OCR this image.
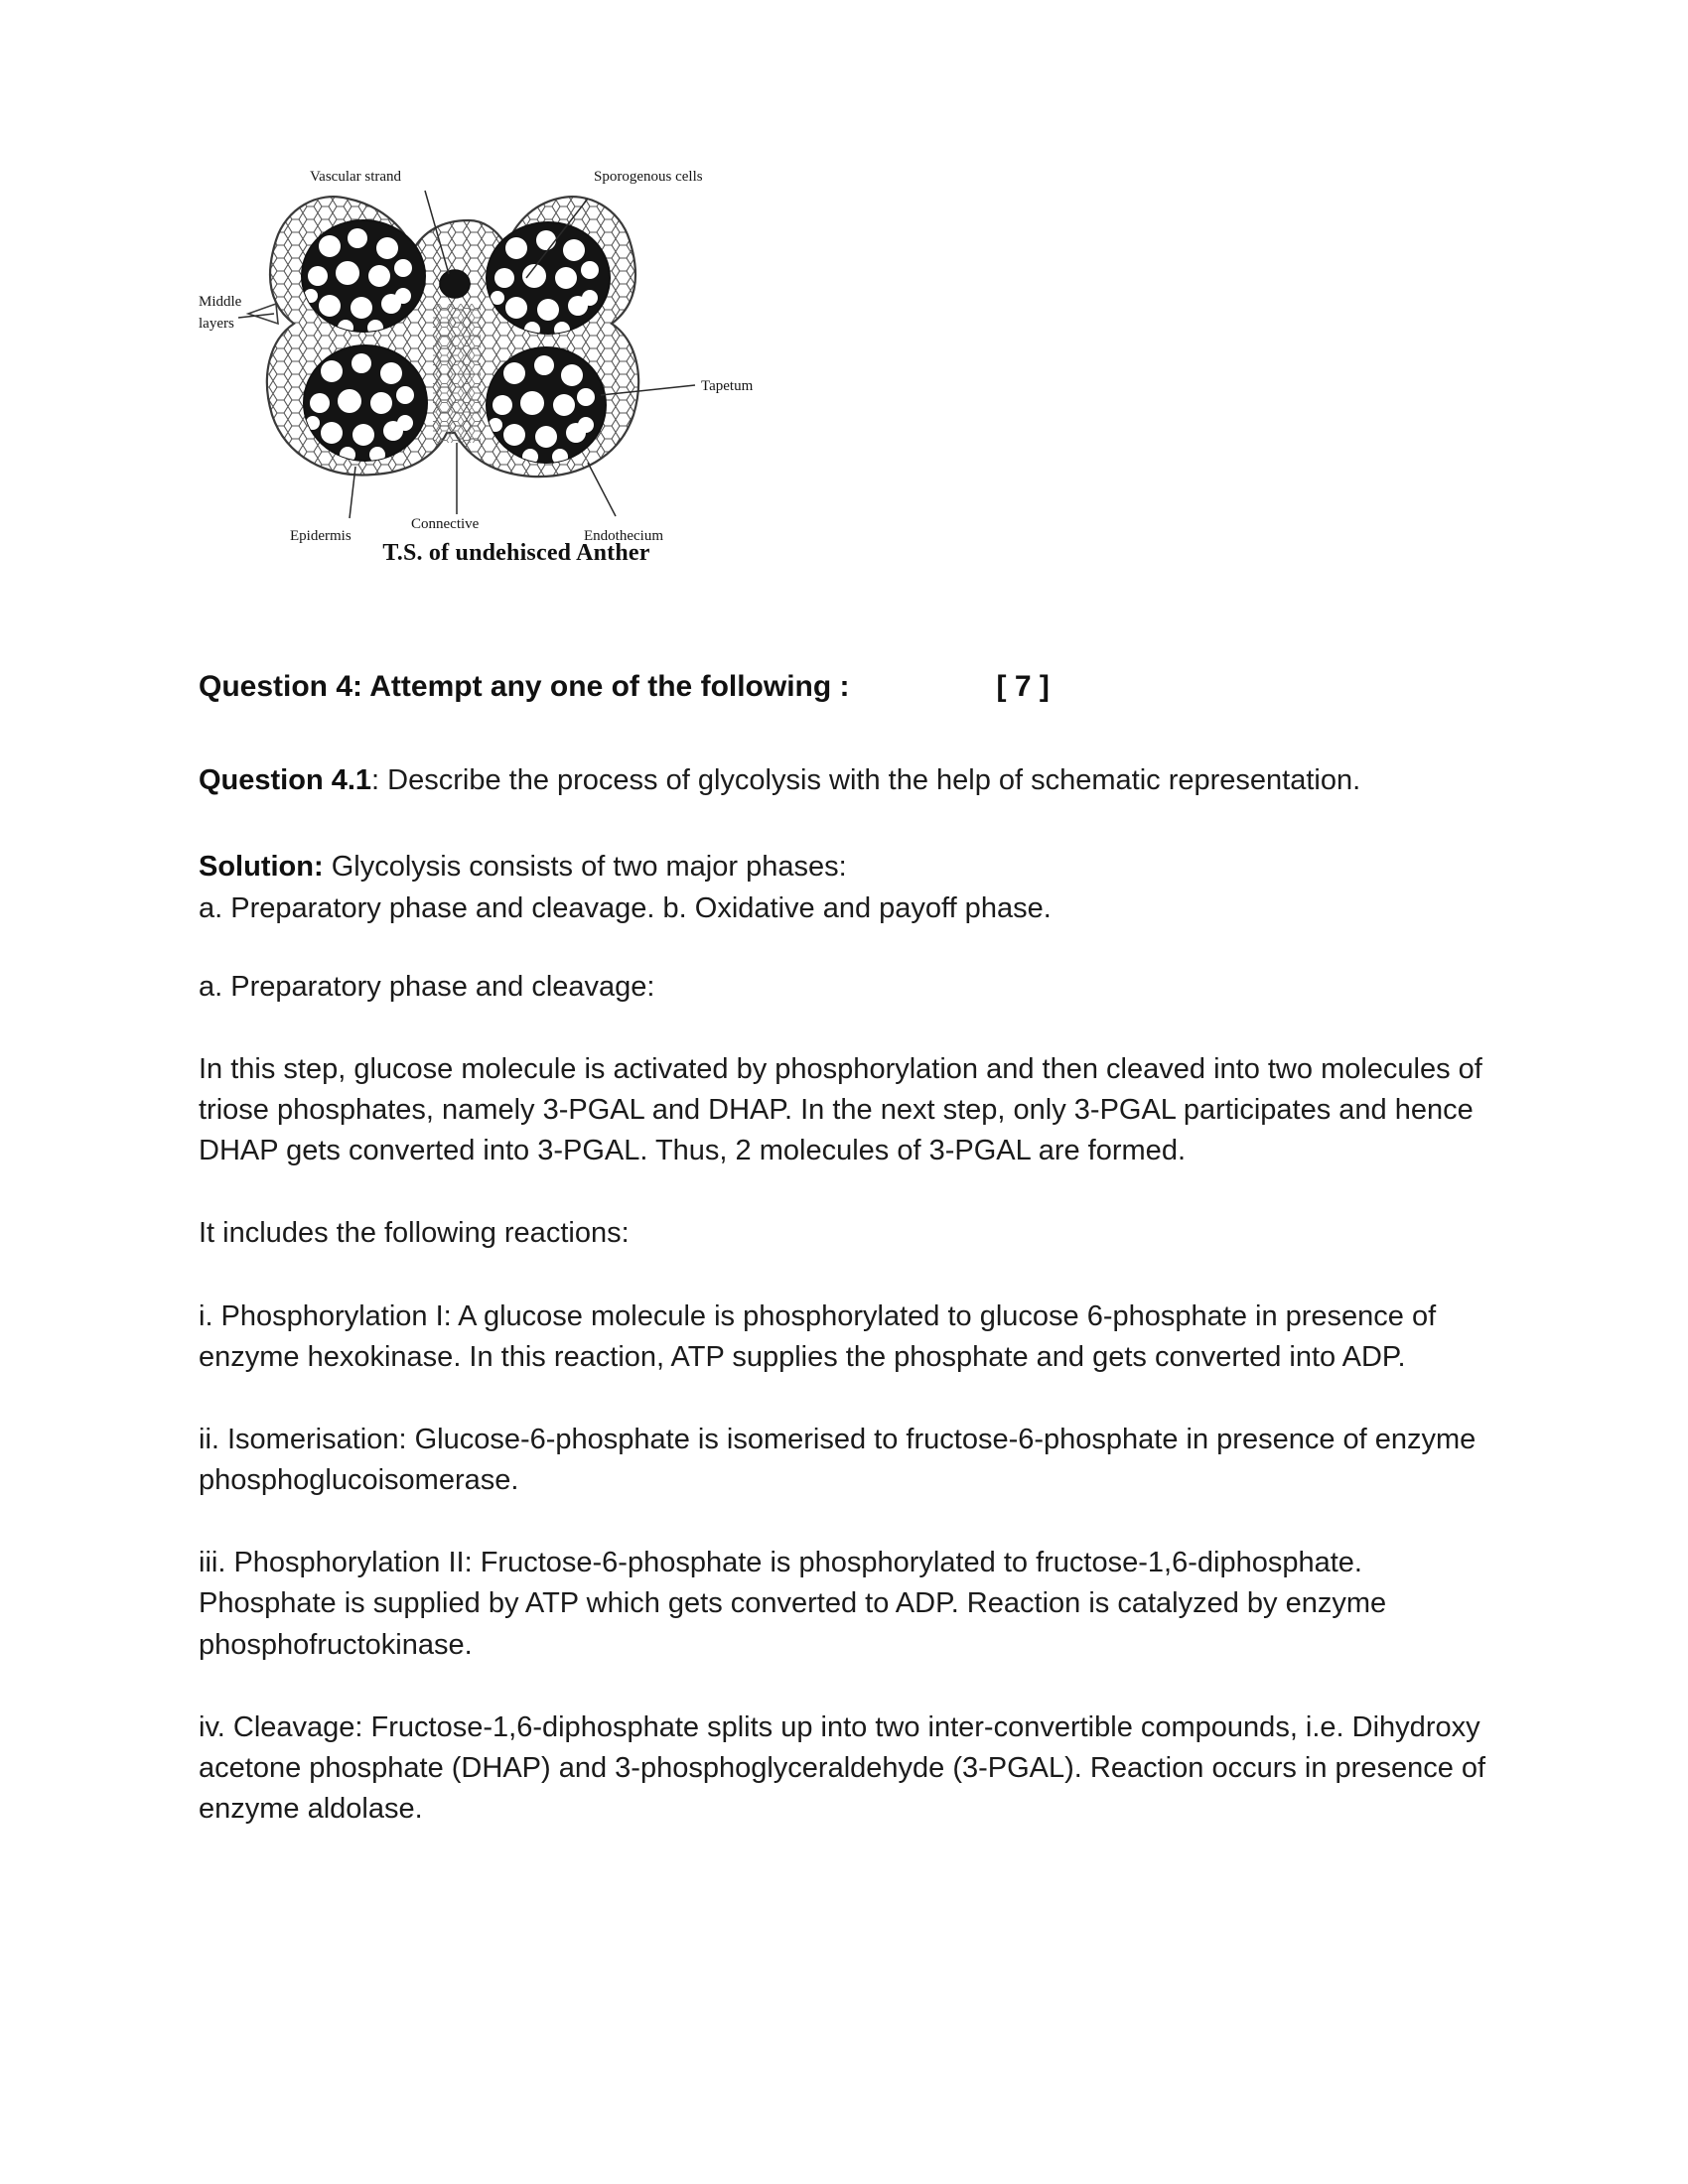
Vascular strand	Sporogenous cells
Middle
layers
Tapetum
Connective
Epidermis	Endothecium
T.S. of undehisced Anther
Question 4: Attempt any one of the following :	[ 7 ]

Question 4.1: Describe the process of glycolysis with the help of schematic representation.

Solution: Glycolysis consists of two major phases:
a. Preparatory phase and cleavage. b. Oxidative and payoff phase.

a. Preparatory phase and cleavage:

In this step, glucose molecule is activated by phosphorylation and then cleaved into two molecules of triose phosphates, namely 3-PGAL and DHAP. In the next step, only 3-PGAL participates and hence DHAP gets converted into 3-PGAL. Thus, 2 molecules of 3-PGAL are formed.

It includes the following reactions:

i. Phosphorylation I: A glucose molecule is phosphorylated to glucose 6-phosphate in presence of enzyme hexokinase. In this reaction, ATP supplies the phosphate and gets converted into ADP.

ii. Isomerisation: Glucose-6-phosphate is isomerised to fructose-6-phosphate in presence of enzyme phosphoglucoisomerase.

iii. Phosphorylation II: Fructose-6-phosphate is phosphorylated to fructose-1,6-diphosphate. Phosphate is supplied by ATP which gets converted to ADP. Reaction is catalyzed by enzyme phosphofructokinase.

iv. Cleavage: Fructose-1,6-diphosphate splits up into two inter-convertible compounds, i.e. Dihydroxy acetone phosphate (DHAP) and 3-phosphoglyceraldehyde (3-PGAL). Reaction occurs in presence of enzyme aldolase.
